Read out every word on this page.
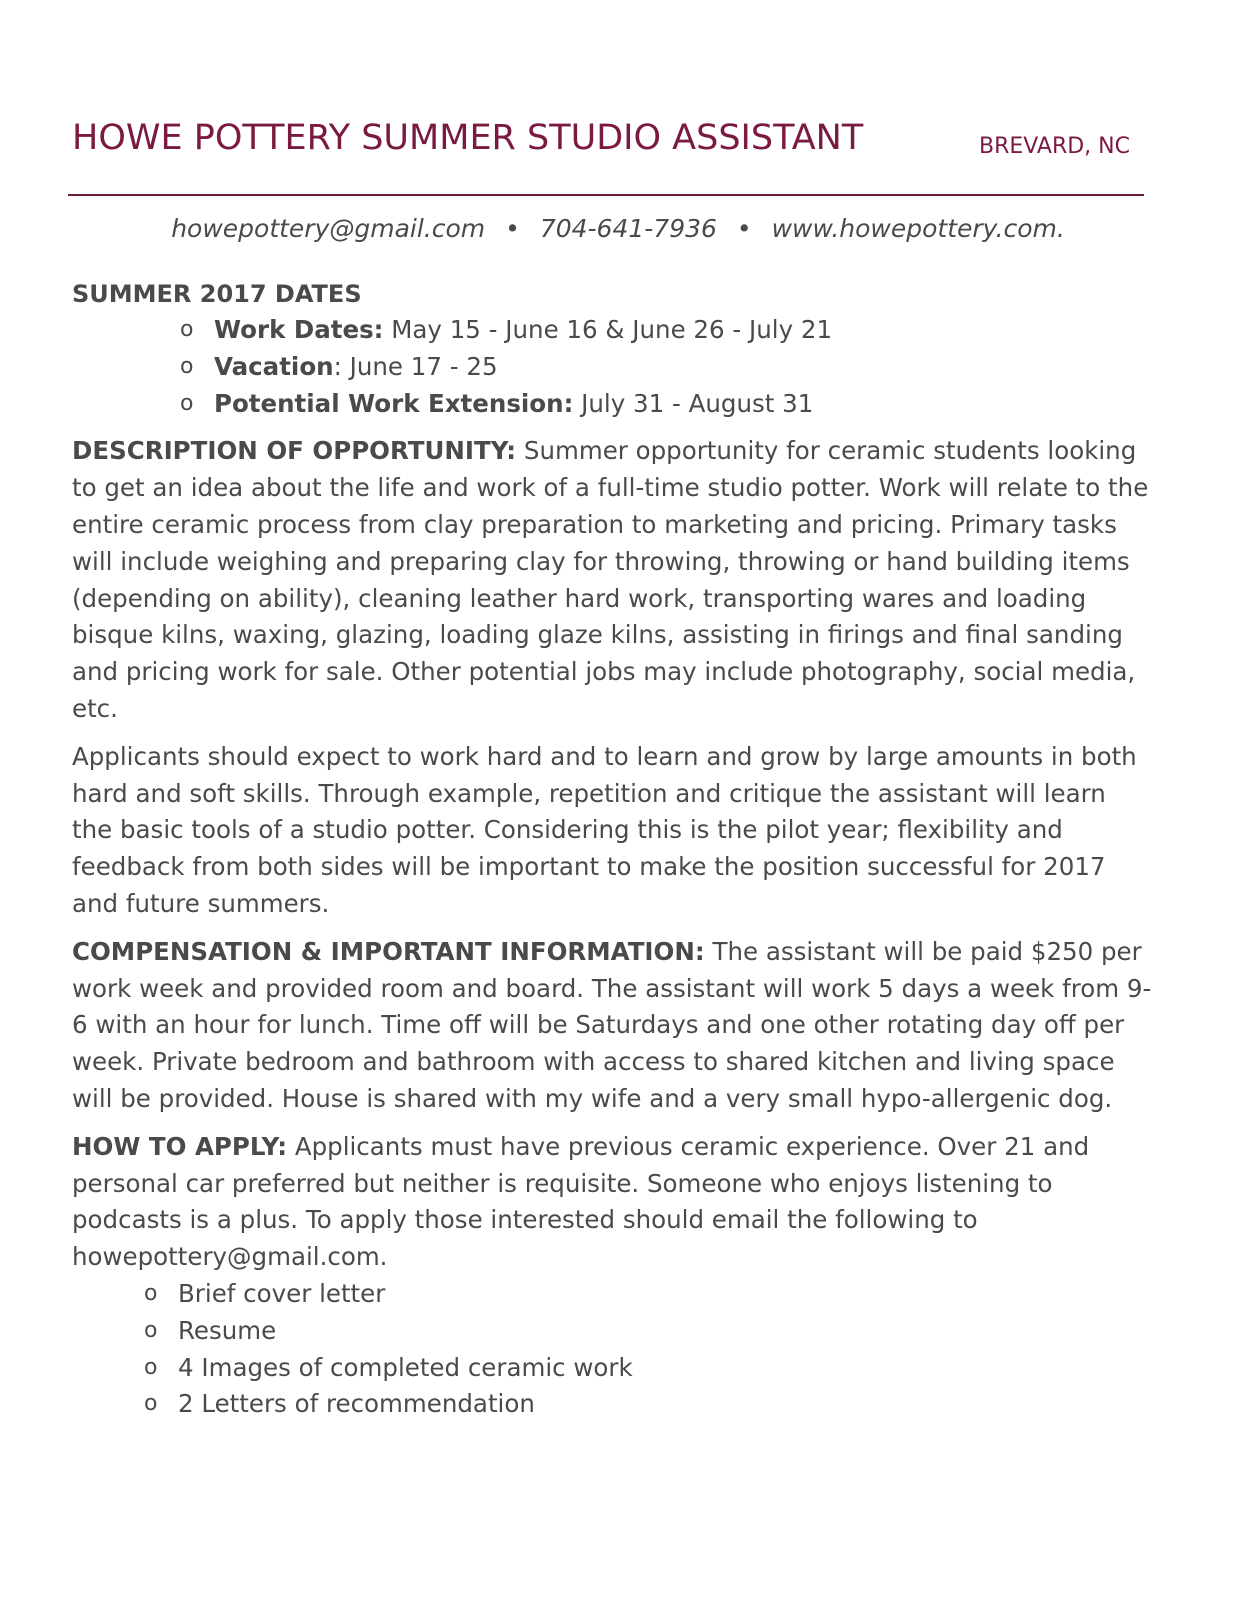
HOWE POTTERY SUMMER STUDIO ASSISTANT	BREVARD, NC
howepottery@gmail.com • 704-641-7936 • www.howepottery.com.
SUMMER 2017 DATES
o Work Dates: May 15 - June 16 & June 26 - July 21
o Vacation: June 17 - 25
o Potential Work Extension: July 31 - August 31

DESCRIPTION OF OPPORTUNITY: Summer opportunity for ceramic students looking to get an idea about the life and work of a full-time studio potter. Work will relate to the entire ceramic process from clay preparation to marketing and pricing. Primary tasks will include weighing and preparing clay for throwing, throwing or hand building items (depending on ability), cleaning leather hard work, transporting wares and loading bisque kilns, waxing, glazing, loading glaze kilns, assisting in firings and final sanding and pricing work for sale. Other potential jobs may include photography, social media, etc.

Applicants should expect to work hard and to learn and grow by large amounts in both hard and soft skills. Through example, repetition and critique the assistant will learn the basic tools of a studio potter. Considering this is the pilot year; flexibility and feedback from both sides will be important to make the position successful for 2017 and future summers.

COMPENSATION & IMPORTANT INFORMATION: The assistant will be paid $250 per work week and provided room and board. The assistant will work 5 days a week from 9-6 with an hour for lunch. Time off will be Saturdays and one other rotating day off per week. Private bedroom and bathroom with access to shared kitchen and living space will be provided. House is shared with my wife and a very small hypo-allergenic dog.

HOW TO APPLY: Applicants must have previous ceramic experience. Over 21 and personal car preferred but neither is requisite. Someone who enjoys listening to podcasts is a plus. To apply those interested should email the following to howepottery@gmail.com.

o Brief cover letter
o Resume
o 4 Images of completed ceramic work
o 2 Letters of recommendation
